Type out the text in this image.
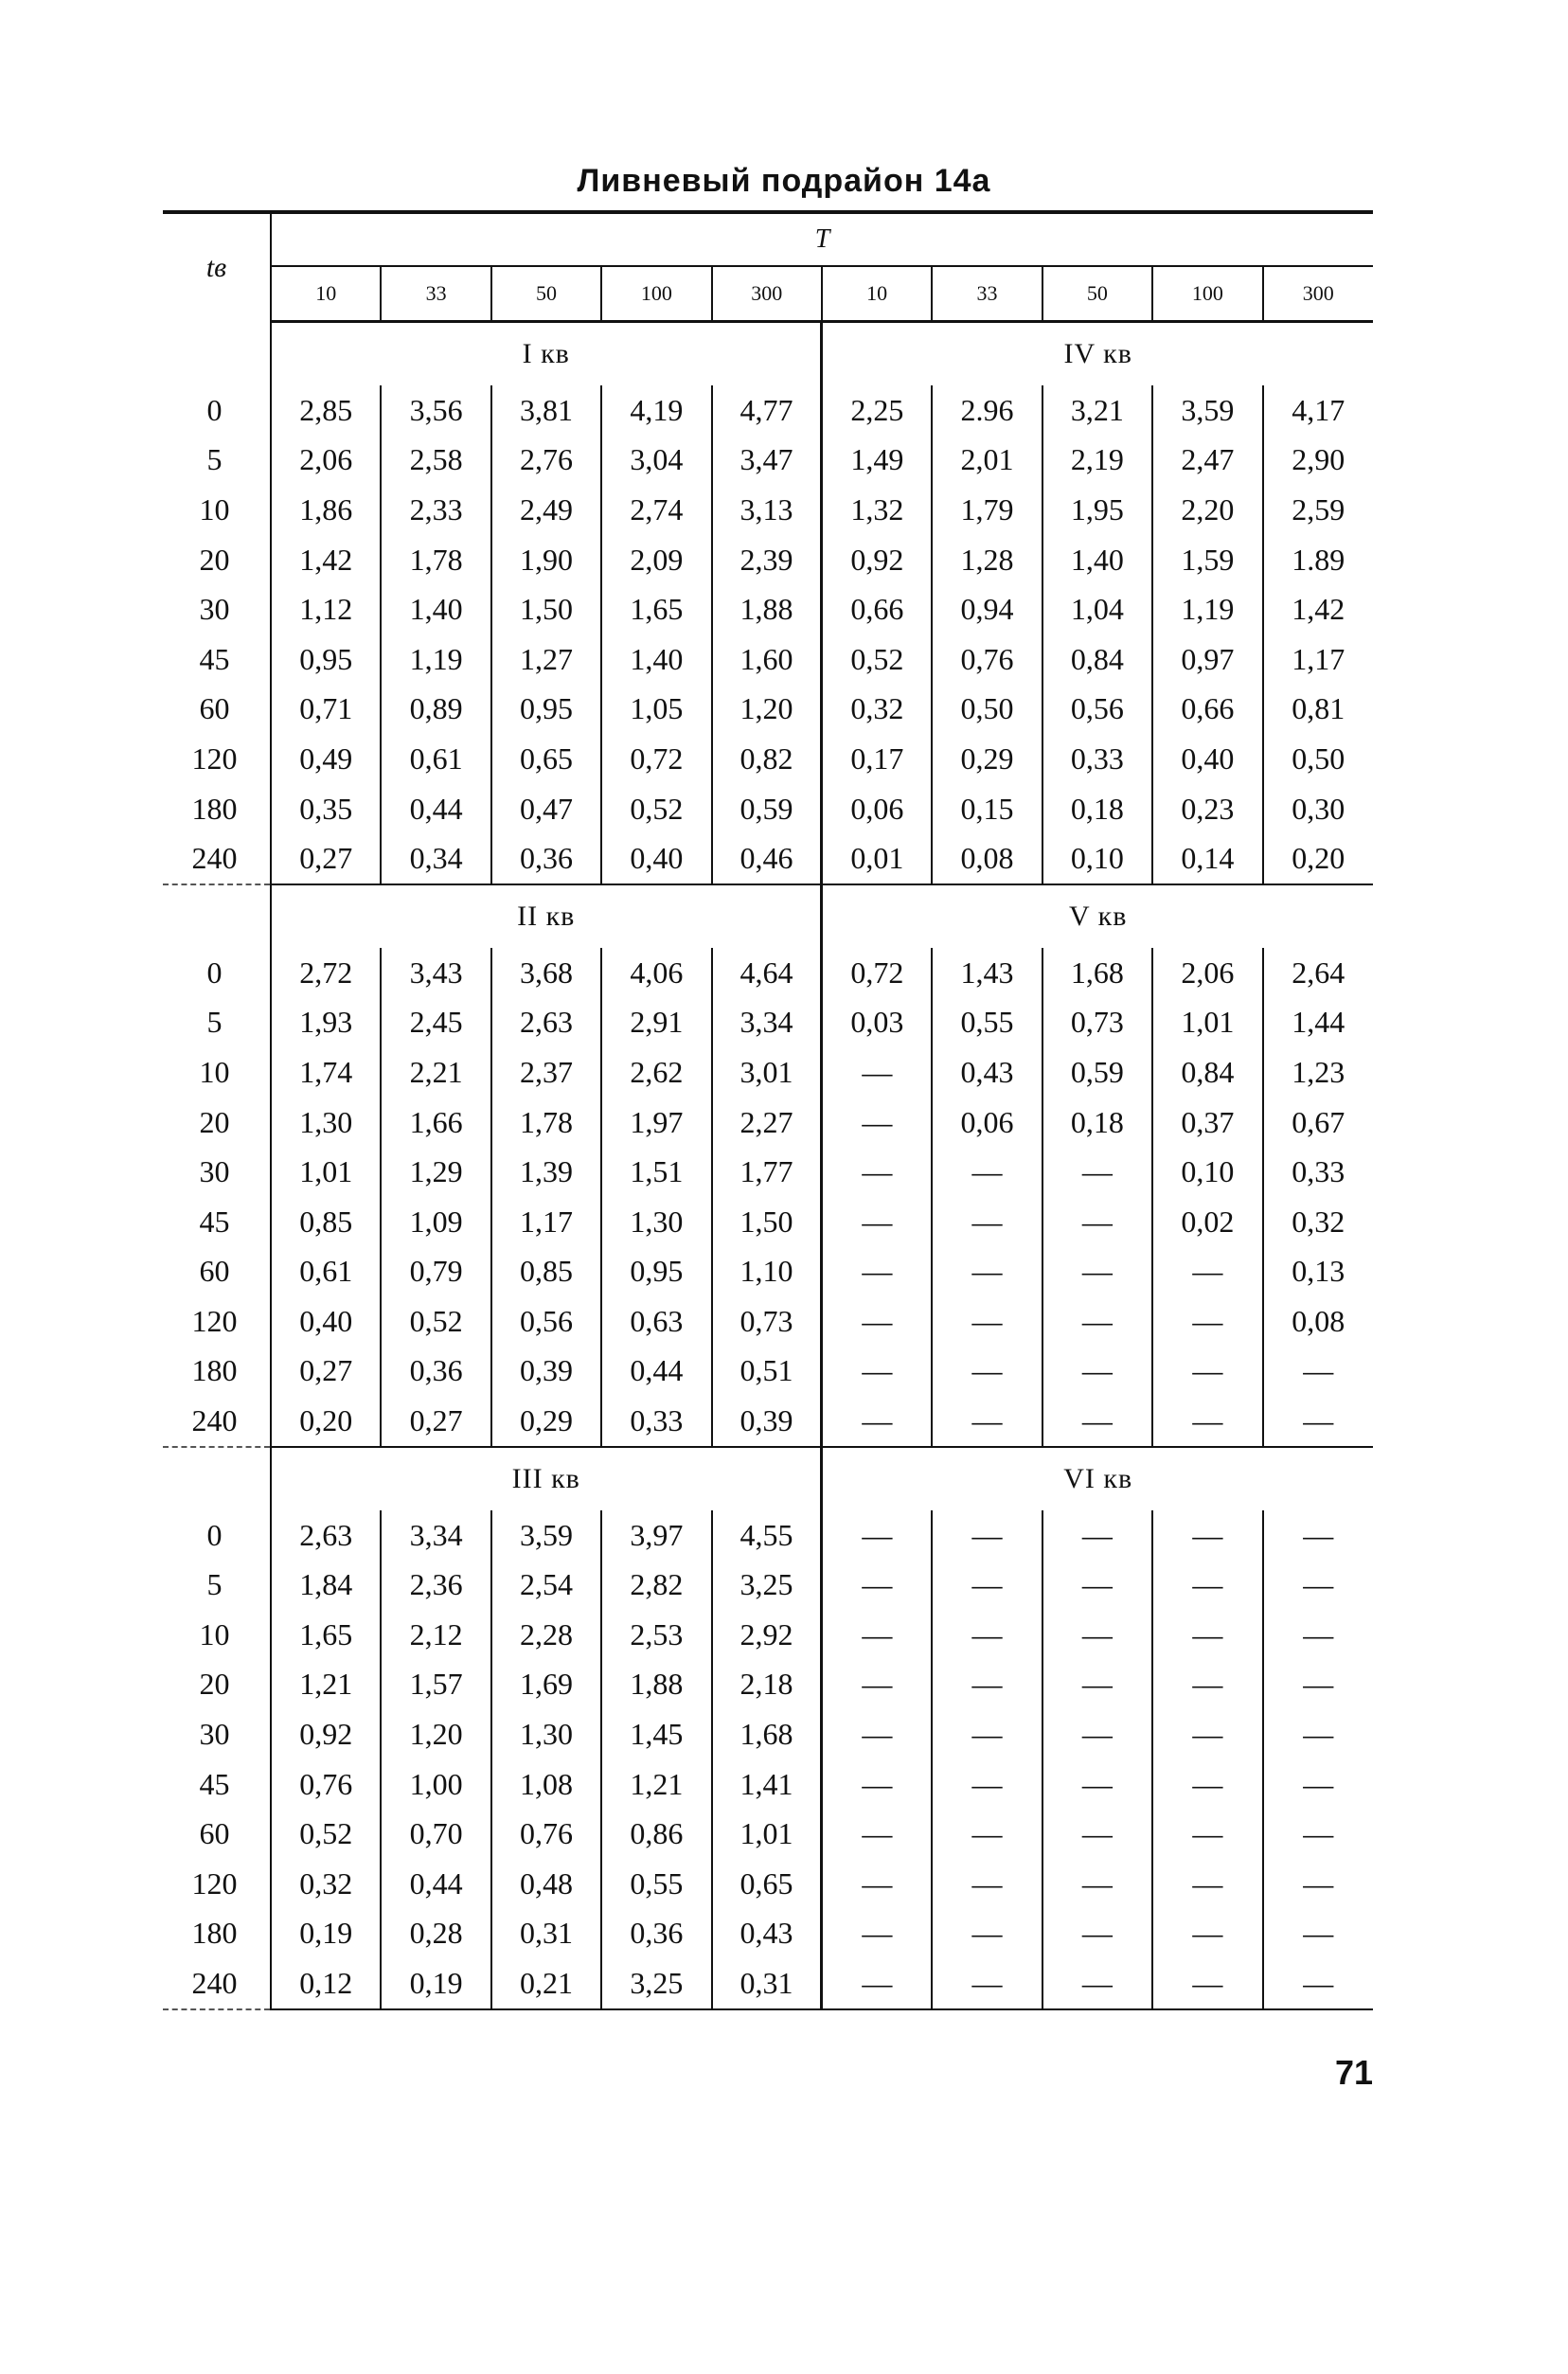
Ливневый подрайон 14а
tв	T									
	10	33	50	100	300	10	33	50	100	300
	I кв					IV кв				
0	2,85	3,56	3,81	4,19	4,77	2,25	2.96	3,21	3,59	4,17
5	2,06	2,58	2,76	3,04	3,47	1,49	2,01	2,19	2,47	2,90
10	1,86	2,33	2,49	2,74	3,13	1,32	1,79	1,95	2,20	2,59
20	1,42	1,78	1,90	2,09	2,39	0,92	1,28	1,40	1,59	1.89
30	1,12	1,40	1,50	1,65	1,88	0,66	0,94	1,04	1,19	1,42
45	0,95	1,19	1,27	1,40	1,60	0,52	0,76	0,84	0,97	1,17
60	0,71	0,89	0,95	1,05	1,20	0,32	0,50	0,56	0,66	0,81
120	0,49	0,61	0,65	0,72	0,82	0,17	0,29	0,33	0,40	0,50
180	0,35	0,44	0,47	0,52	0,59	0,06	0,15	0,18	0,23	0,30
240	0,27	0,34	0,36	0,40	0,46	0,01	0,08	0,10	0,14	0,20
	II кв					V кв				
0	2,72	3,43	3,68	4,06	4,64	0,72	1,43	1,68	2,06	2,64
5	1,93	2,45	2,63	2,91	3,34	0,03	0,55	0,73	1,01	1,44
10	1,74	2,21	2,37	2,62	3,01	—	0,43	0,59	0,84	1,23
20	1,30	1,66	1,78	1,97	2,27	—	0,06	0,18	0,37	0,67
30	1,01	1,29	1,39	1,51	1,77	—	—	—	0,10	0,33
45	0,85	1,09	1,17	1,30	1,50	—	—	—	0,02	0,32
60	0,61	0,79	0,85	0,95	1,10	—	—	—	—	0,13
120	0,40	0,52	0,56	0,63	0,73	—	—	—	—	0,08
180	0,27	0,36	0,39	0,44	0,51	—	—	—	—	—
240	0,20	0,27	0,29	0,33	0,39	—	—	—	—	—
	III кв					VI кв				
0	2,63	3,34	3,59	3,97	4,55	—	—	—	—	—
5	1,84	2,36	2,54	2,82	3,25	—	—	—	—	—
10	1,65	2,12	2,28	2,53	2,92	—	—	—	—	—
20	1,21	1,57	1,69	1,88	2,18	—	—	—	—	—
30	0,92	1,20	1,30	1,45	1,68	—	—	—	—	—
45	0,76	1,00	1,08	1,21	1,41	—	—	—	—	—
60	0,52	0,70	0,76	0,86	1,01	—	—	—	—	—
120	0,32	0,44	0,48	0,55	0,65	—	—	—	—	—
180	0,19	0,28	0,31	0,36	0,43	—	—	—	—	—
240	0,12	0,19	0,21	3,25	0,31	—	—	—	—	—
71
